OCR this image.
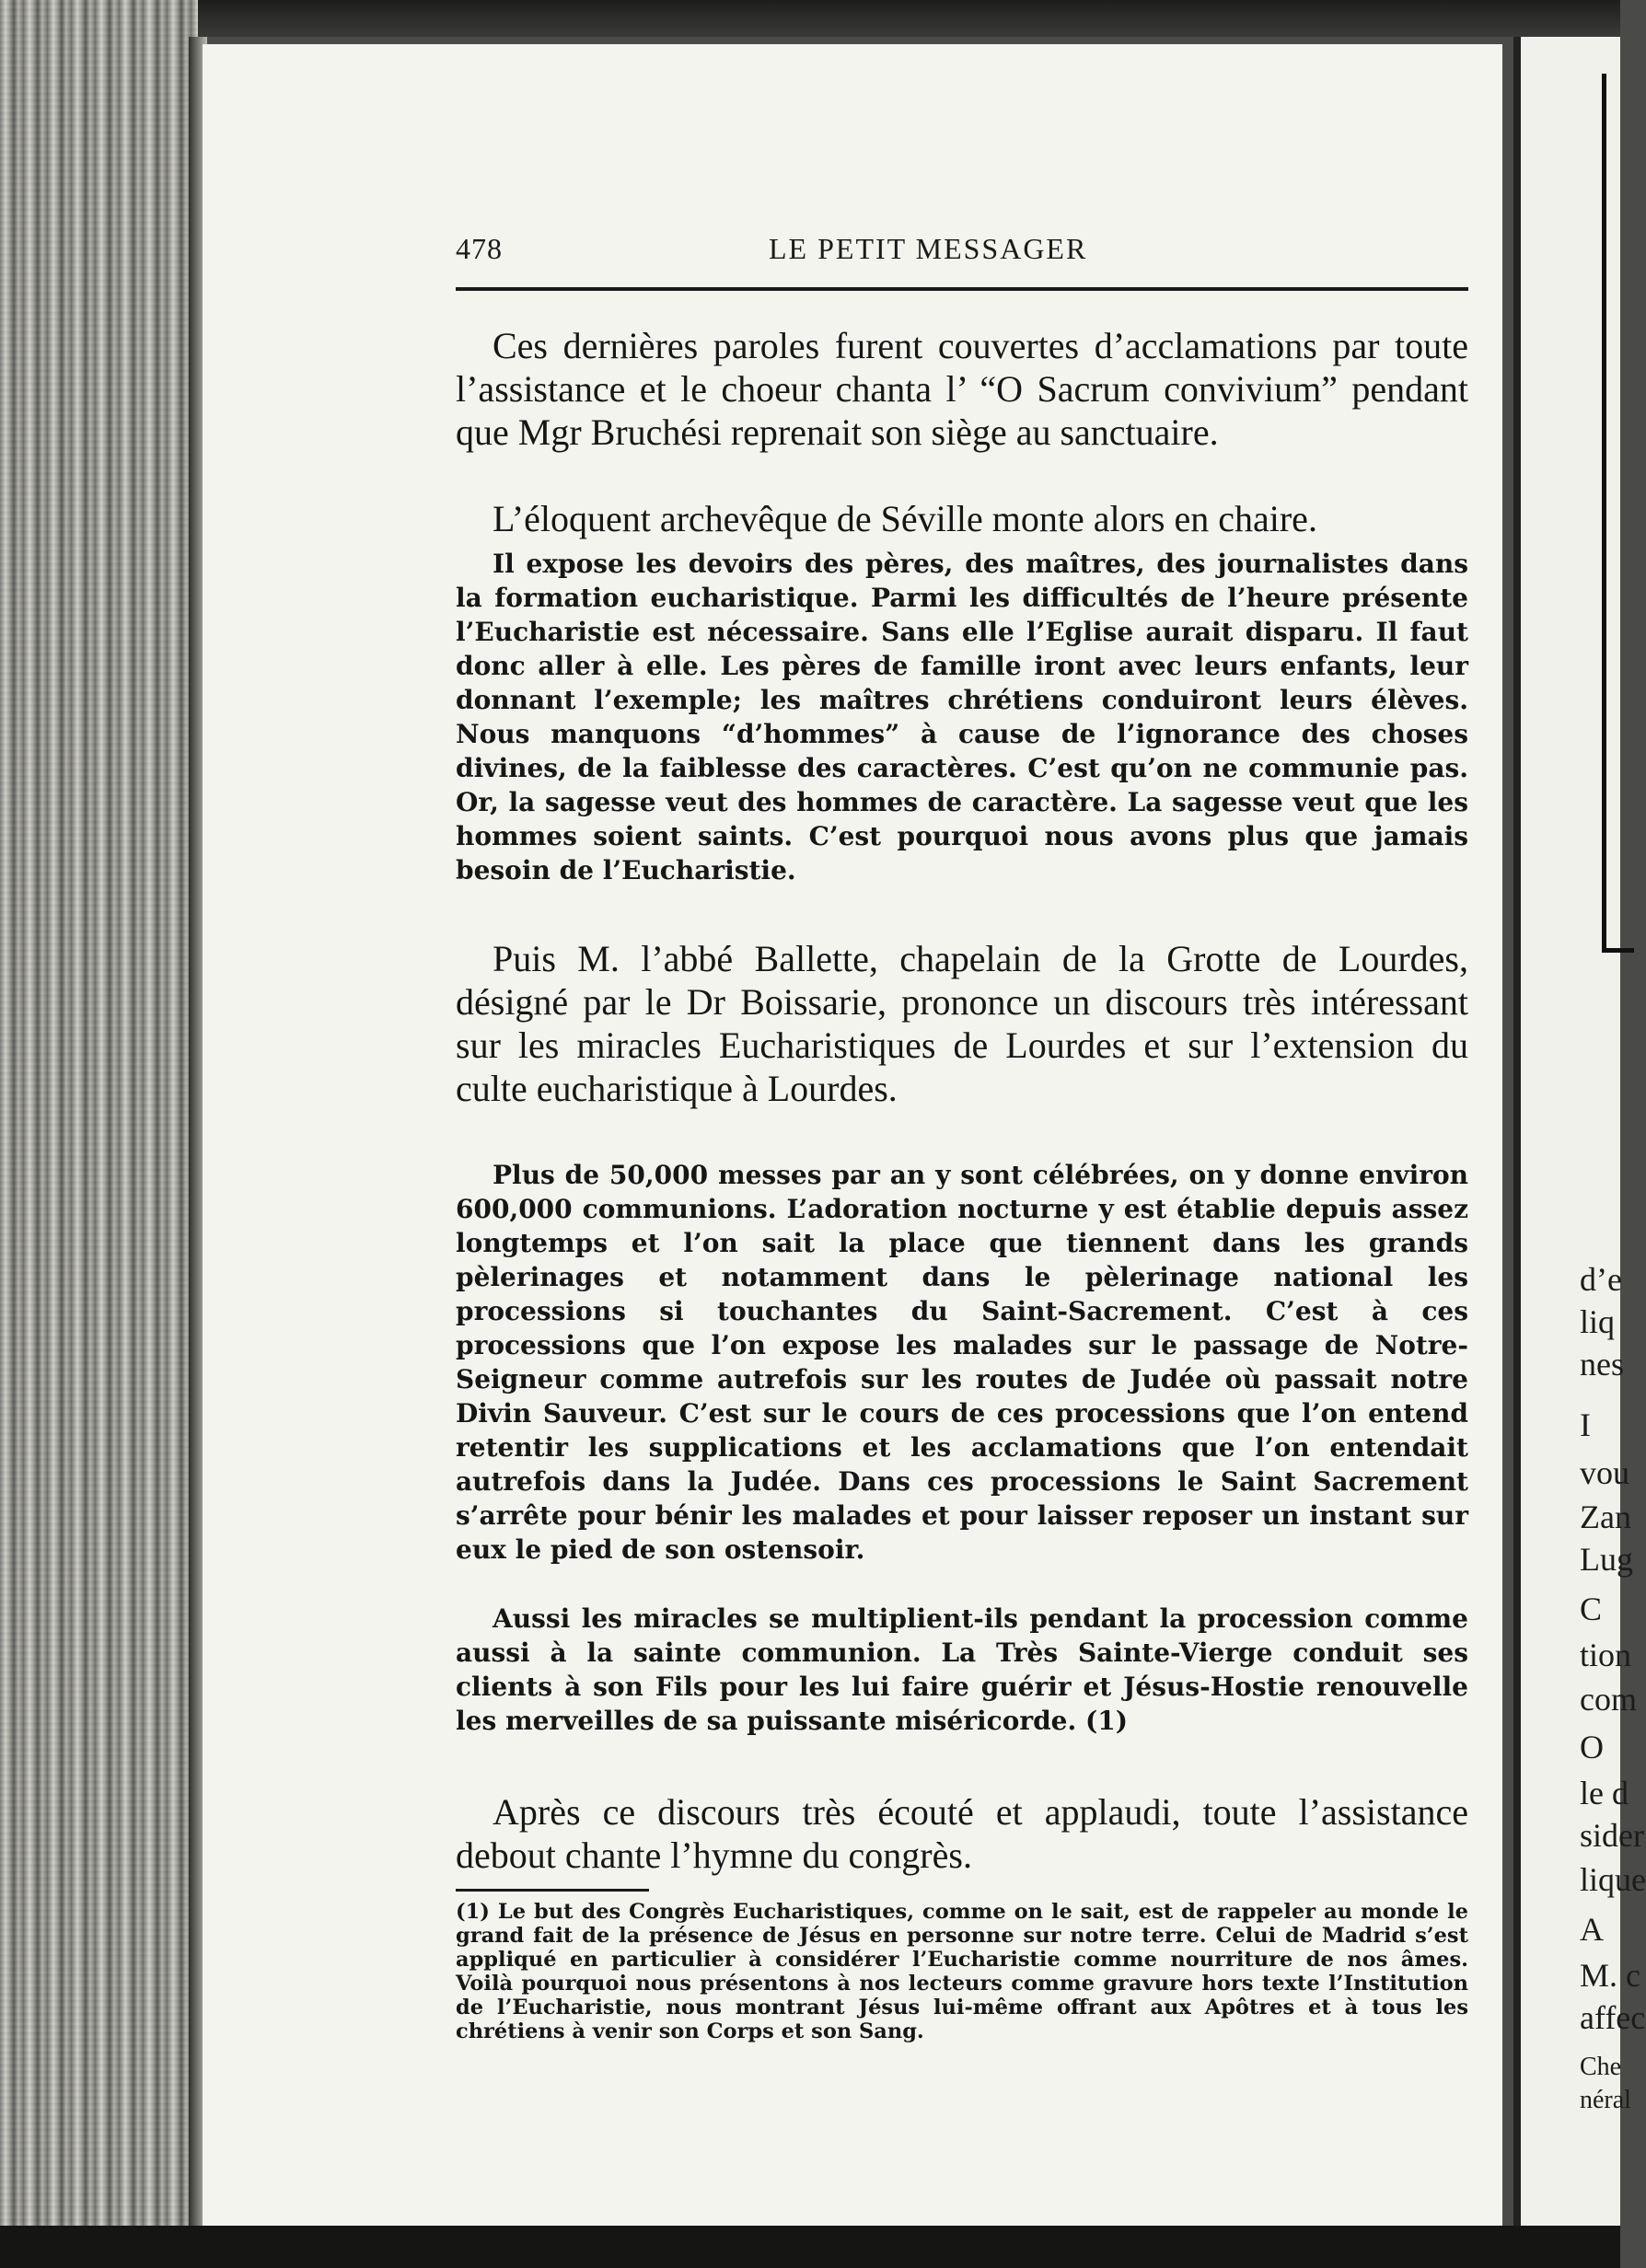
478	LE PETIT MESSAGER

Ces dernières paroles furent couvertes d’acclamations par toute l’assistance et le choeur chanta l’ “O Sacrum convivium” pendant que Mgr Bruchési reprenait son siège au sanctuaire.

L’éloquent archevêque de Séville monte alors en chaire.

Il expose les devoirs des pères, des maîtres, des journalistes dans la formation eucharistique. Parmi les difficultés de l’heure présente l’Eucharistie est nécessaire. Sans elle l’Eglise aurait disparu. Il faut donc aller à elle. Les pères de famille iront avec leurs enfants, leur donnant l’exemple; les maîtres chrétiens conduiront leurs élèves. Nous manquons “d’hommes” à cause de l’ignorance des choses divines, de la faiblesse des caractères. C’est qu’on ne communie pas. Or, la sagesse veut des hommes de caractère. La sagesse veut que les hommes soient saints. C’est pourquoi nous avons plus que jamais besoin de l’Eucharistie.

Puis M. l’abbé Ballette, chapelain de la Grotte de Lourdes, désigné par le Dr Boissarie, prononce un discours très intéressant sur les miracles Eucharistiques de Lourdes et sur l’extension du culte eucharistique à Lourdes.

Plus de 50,000 messes par an y sont célébrées, on y donne environ 600,000 communions. L’adoration nocturne y est établie depuis assez longtemps et l’on sait la place que tiennent dans les grands pèlerinages et notamment dans le pèlerinage national les processions si touchantes du Saint-Sacrement. C’est à ces processions que l’on expose les malades sur le passage de Notre-Seigneur comme autrefois sur les routes de Judée où passait notre Divin Sauveur. C’est sur le cours de ces processions que l’on entend retentir les supplications et les acclamations que l’on entendait autrefois dans la Judée. Dans ces processions le Saint Sacrement s’arrête pour bénir les malades et pour laisser reposer un instant sur eux le pied de son ostensoir.

Aussi les miracles se multiplient-ils pendant la procession comme aussi à la sainte communion. La Très Sainte-Vierge conduit ses clients à son Fils pour les lui faire guérir et Jésus-Hostie renouvelle les merveilles de sa puissante miséricorde. (1)

Après ce discours très écouté et applaudi, toute l’assistance debout chante l’hymne du congrès.

(1) Le but des Congrès Eucharistiques, comme on le sait, est de rappeler au monde le grand fait de la présence de Jésus en personne sur notre terre. Celui de Madrid s’est appliqué en particulier à considérer l’Eucharistie comme nourriture de nos âmes. Voilà pourquoi nous présentons à nos lecteurs comme gravure hors texte l’Institution de l’Eucharistie, nous montrant Jésus lui-même offrant aux Apôtres et à tous les chrétiens à venir son Corps et son Sang.

d’e
liq
nes
I
vou
Zan
Lug
C
tion
com
O
le d
sider
lique
A
M. c
affec
Che
néral
